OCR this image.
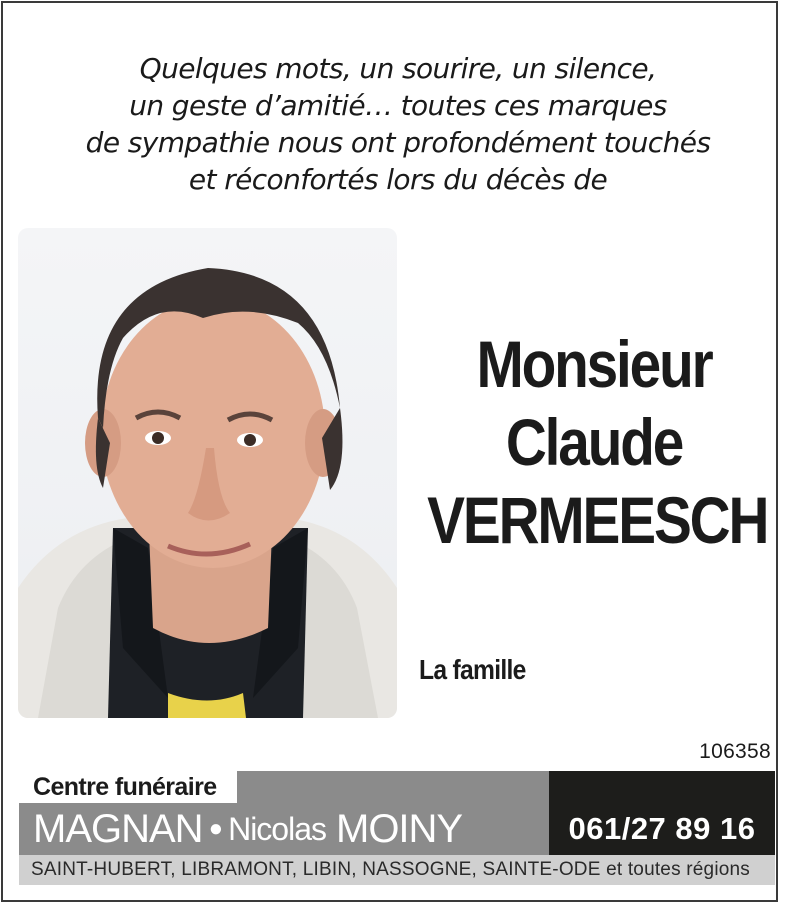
Quelques mots, un sourire, un silence,
un geste d’amitié… toutes ces marques
de sympathie nous ont profondément touchés
et réconfortés lors du décès de
Monsieur
Claude
VERMEESCH
La famille
106358
Centre funéraire
MAGNAN ● Nicolas MOINY	061/27 89 16
SAINT-HUBERT, LIBRAMONT, LIBIN, NASSOGNE, SAINTE-ODE et toutes régions
